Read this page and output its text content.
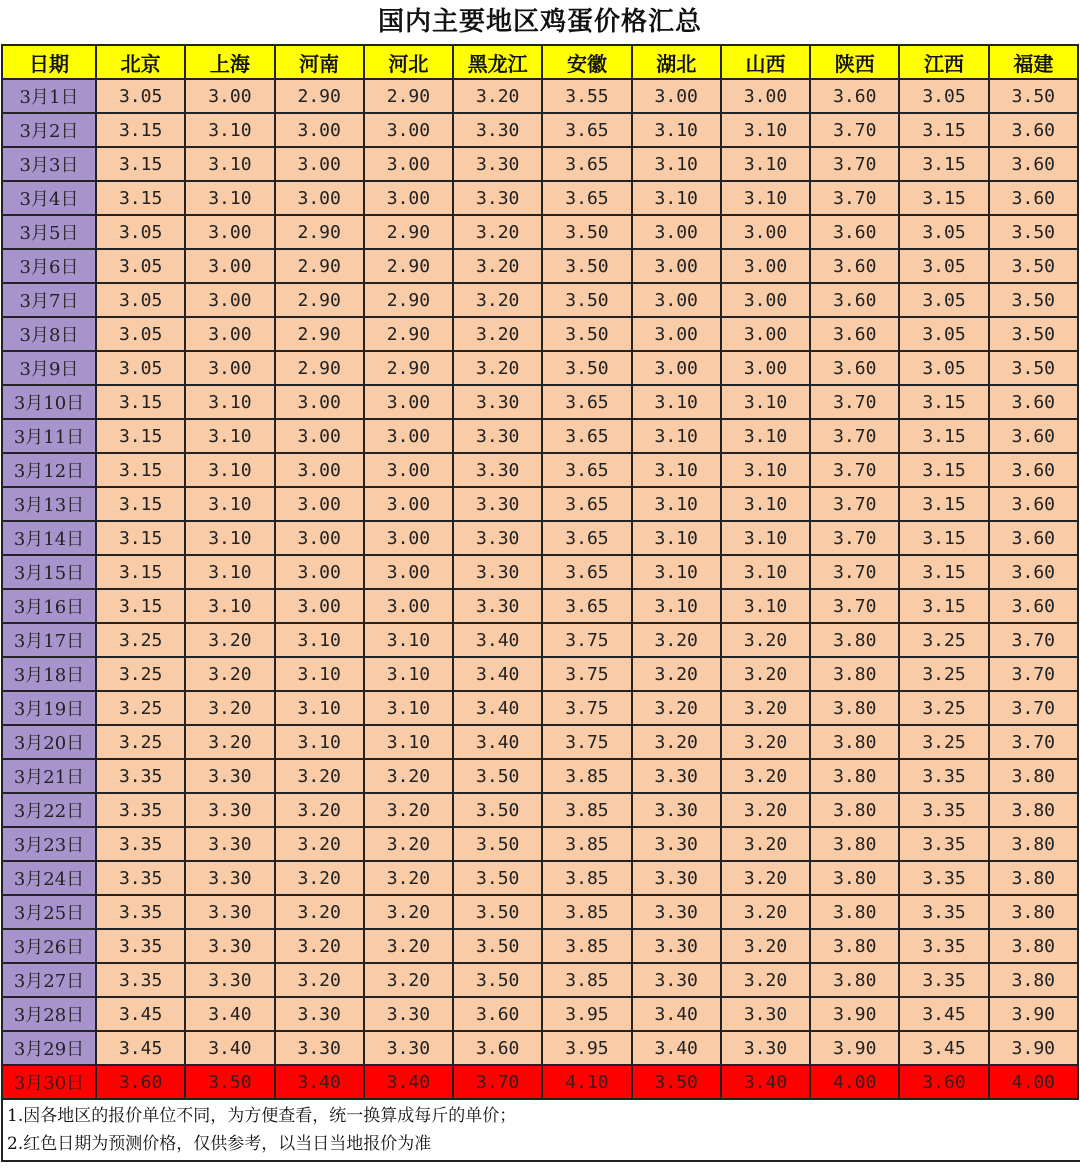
国内主要地区鸡蛋价格汇总
日期	北京	上海	河南	河北	黑龙江	安徽	湖北	山西	陕西	江西	福建
3月1日	3.05	3.00	2.90	2.90	3.20	3.55	3.00	3.00	3.60	3.05	3.50
3月2日	3.15	3.10	3.00	3.00	3.30	3.65	3.10	3.10	3.70	3.15	3.60
3月3日	3.15	3.10	3.00	3.00	3.30	3.65	3.10	3.10	3.70	3.15	3.60
3月4日	3.15	3.10	3.00	3.00	3.30	3.65	3.10	3.10	3.70	3.15	3.60
3月5日	3.05	3.00	2.90	2.90	3.20	3.50	3.00	3.00	3.60	3.05	3.50
3月6日	3.05	3.00	2.90	2.90	3.20	3.50	3.00	3.00	3.60	3.05	3.50
3月7日	3.05	3.00	2.90	2.90	3.20	3.50	3.00	3.00	3.60	3.05	3.50
3月8日	3.05	3.00	2.90	2.90	3.20	3.50	3.00	3.00	3.60	3.05	3.50
3月9日	3.05	3.00	2.90	2.90	3.20	3.50	3.00	3.00	3.60	3.05	3.50
3月10日	3.15	3.10	3.00	3.00	3.30	3.65	3.10	3.10	3.70	3.15	3.60
3月11日	3.15	3.10	3.00	3.00	3.30	3.65	3.10	3.10	3.70	3.15	3.60
3月12日	3.15	3.10	3.00	3.00	3.30	3.65	3.10	3.10	3.70	3.15	3.60
3月13日	3.15	3.10	3.00	3.00	3.30	3.65	3.10	3.10	3.70	3.15	3.60
3月14日	3.15	3.10	3.00	3.00	3.30	3.65	3.10	3.10	3.70	3.15	3.60
3月15日	3.15	3.10	3.00	3.00	3.30	3.65	3.10	3.10	3.70	3.15	3.60
3月16日	3.15	3.10	3.00	3.00	3.30	3.65	3.10	3.10	3.70	3.15	3.60
3月17日	3.25	3.20	3.10	3.10	3.40	3.75	3.20	3.20	3.80	3.25	3.70
3月18日	3.25	3.20	3.10	3.10	3.40	3.75	3.20	3.20	3.80	3.25	3.70
3月19日	3.25	3.20	3.10	3.10	3.40	3.75	3.20	3.20	3.80	3.25	3.70
3月20日	3.25	3.20	3.10	3.10	3.40	3.75	3.20	3.20	3.80	3.25	3.70
3月21日	3.35	3.30	3.20	3.20	3.50	3.85	3.30	3.20	3.80	3.35	3.80
3月22日	3.35	3.30	3.20	3.20	3.50	3.85	3.30	3.20	3.80	3.35	3.80
3月23日	3.35	3.30	3.20	3.20	3.50	3.85	3.30	3.20	3.80	3.35	3.80
3月24日	3.35	3.30	3.20	3.20	3.50	3.85	3.30	3.20	3.80	3.35	3.80
3月25日	3.35	3.30	3.20	3.20	3.50	3.85	3.30	3.20	3.80	3.35	3.80
3月26日	3.35	3.30	3.20	3.20	3.50	3.85	3.30	3.20	3.80	3.35	3.80
3月27日	3.35	3.30	3.20	3.20	3.50	3.85	3.30	3.20	3.80	3.35	3.80
3月28日	3.45	3.40	3.30	3.30	3.60	3.95	3.40	3.30	3.90	3.45	3.90
3月29日	3.45	3.40	3.30	3.30	3.60	3.95	3.40	3.30	3.90	3.45	3.90
3月30日	3.60	3.50	3.40	3.40	3.70	4.10	3.50	3.40	4.00	3.60	4.00
1.因各地区的报价单位不同，为方便查看，统一换算成每斤的单价；
2.红色日期为预测价格，仅供参考，以当日当地报价为准
